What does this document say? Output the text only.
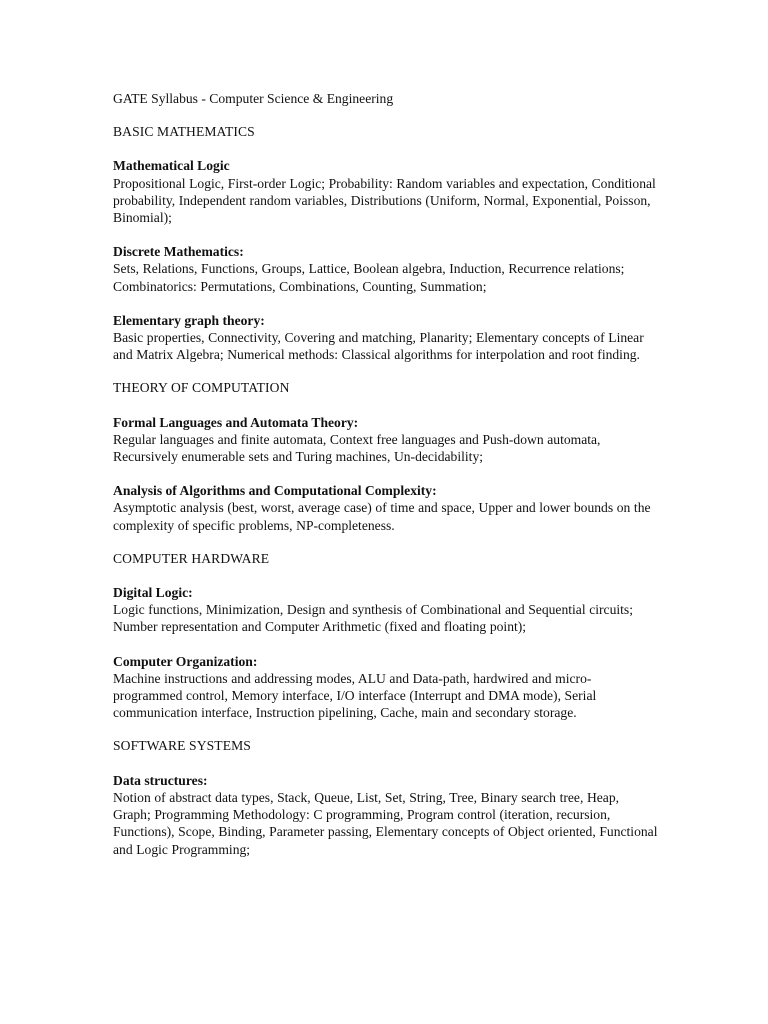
GATE Syllabus - Computer Science & Engineering

BASIC MATHEMATICS

Mathematical Logic
Propositional Logic, First-order Logic; Probability: Random variables and expectation, Conditional probability, Independent random variables, Distributions (Uniform, Normal, Exponential, Poisson, Binomial);
Discrete Mathematics:
Sets, Relations, Functions, Groups, Lattice, Boolean algebra, Induction, Recurrence relations; Combinatorics: Permutations, Combinations, Counting, Summation;
Elementary graph theory:
Basic properties, Connectivity, Covering and matching, Planarity; Elementary concepts of Linear and Matrix Algebra; Numerical methods: Classical algorithms for interpolation and root finding.

THEORY OF COMPUTATION

Formal Languages and Automata Theory:
Regular languages and finite automata, Context free languages and Push-down automata, Recursively enumerable sets and Turing machines, Un-decidability;
Analysis of Algorithms and Computational Complexity:
Asymptotic analysis (best, worst, average case) of time and space, Upper and lower bounds on the complexity of specific problems, NP-completeness.

COMPUTER HARDWARE

Digital Logic:
Logic functions, Minimization, Design and synthesis of Combinational and Sequential circuits; Number representation and Computer Arithmetic (fixed and floating point);
Computer Organization:
Machine instructions and addressing modes, ALU and Data-path, hardwired and micro-programmed control, Memory interface, I/O interface (Interrupt and DMA mode), Serial communication interface, Instruction pipelining, Cache, main and secondary storage.

SOFTWARE SYSTEMS

Data structures:
Notion of abstract data types, Stack, Queue, List, Set, String, Tree, Binary search tree, Heap, Graph; Programming Methodology: C programming, Program control (iteration, recursion, Functions), Scope, Binding, Parameter passing, Elementary concepts of Object oriented, Functional and Logic Programming;
